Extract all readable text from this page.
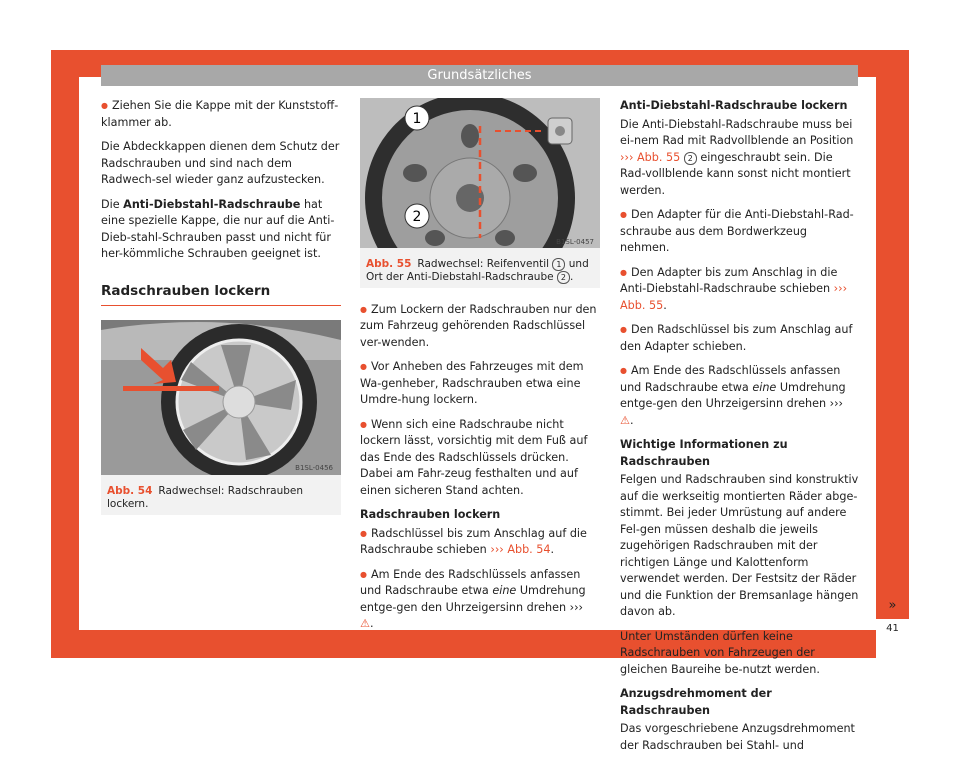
Grundsätzliches

● Ziehen Sie die Kappe mit der Kunststoff-klammer ab.

Die Abdeckkappen dienen dem Schutz der Radschrauben und sind nach dem Radwech-sel wieder ganz aufzustecken.

Die Anti-Diebstahl-Radschraube hat eine spezielle Kappe, die nur auf die Anti-Dieb-stahl-Schrauben passt und nicht für her-kömmliche Schrauben geeignet ist.

Radschrauben lockern
B1SL-0456
Abb. 54 Radwechsel: Radschrauben lockern.
1
2
B1SL-0457
Abb. 55 Radwechsel: Reifenventil 1 und Ort der Anti-Diebstahl-Radschraube 2 .

● Zum Lockern der Radschrauben nur den zum Fahrzeug gehörenden Radschlüssel ver-wenden.

● Vor Anheben des Fahrzeuges mit dem Wa-genheber, Radschrauben etwa eine Umdre-hung lockern.

● Wenn sich eine Radschraube nicht lockern lässt, vorsichtig mit dem Fuß auf das Ende des Radschlüssels drücken. Dabei am Fahr-zeug festhalten und auf einen sicheren Stand achten.

Radschrauben lockern

● Radschlüssel bis zum Anschlag auf die Radschraube schieben ››› Abb. 54.

● Am Ende des Radschlüssels anfassen und Radschraube etwa eine Umdrehung entge-gen den Uhrzeigersinn drehen ››› ⚠.

Anti-Diebstahl-Radschraube lockern

Die Anti-Diebstahl-Radschraube muss bei ei-nem Rad mit Radvollblende an Position ››› Abb. 55 2 eingeschraubt sein. Die Rad-vollblende kann sonst nicht montiert werden.

● Den Adapter für die Anti-Diebstahl-Rad-schraube aus dem Bordwerkzeug nehmen.

● Den Adapter bis zum Anschlag in die Anti-Diebstahl-Radschraube schieben ››› Abb. 55.

● Den Radschlüssel bis zum Anschlag auf den Adapter schieben.

● Am Ende des Radschlüssels anfassen und Radschraube etwa eine Umdrehung entge-gen den Uhrzeigersinn drehen ››› ⚠.

Wichtige Informationen zu Radschrauben

Felgen und Radschrauben sind konstruktiv auf die werkseitig montierten Räder abge-stimmt. Bei jeder Umrüstung auf andere Fel-gen müssen deshalb die jeweils zugehörigen Radschrauben mit der richtigen Länge und Kalottenform verwendet werden. Der Festsitz der Räder und die Funktion der Bremsanlage hängen davon ab.

Unter Umständen dürfen keine Radschrauben von Fahrzeugen der gleichen Baureihe be-nutzt werden.

Anzugsdrehmoment der Radschrauben

Das vorgeschriebene Anzugsdrehmoment der Radschrauben bei Stahl- und

»
41
